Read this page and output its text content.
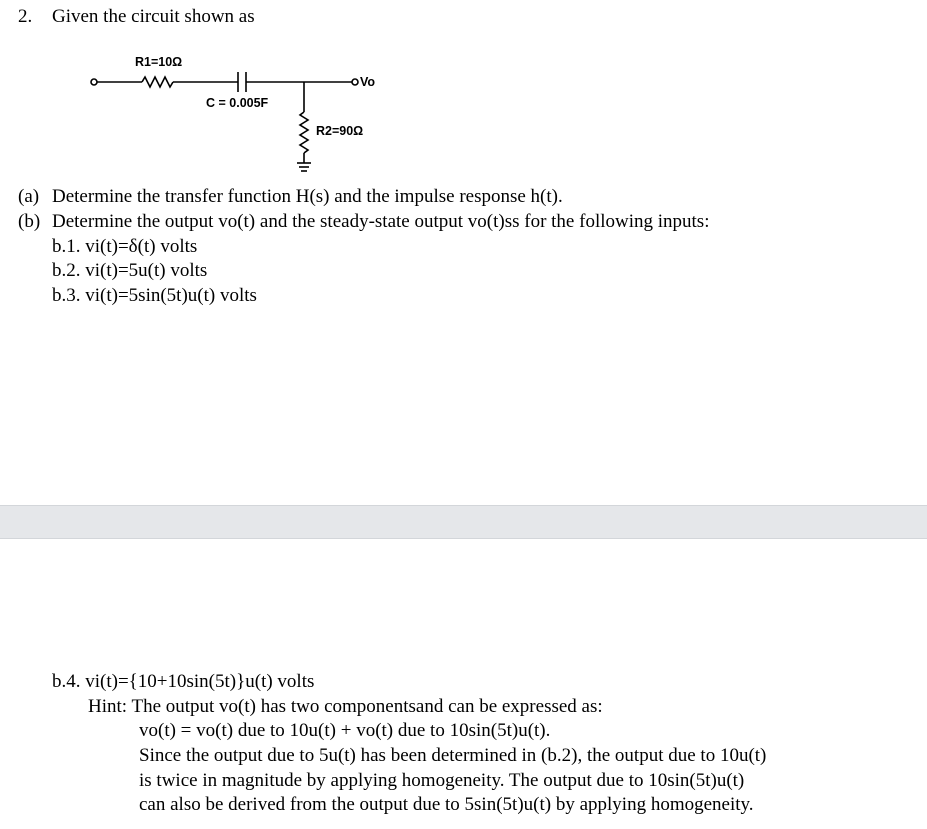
2. Given the circuit shown as
R1=10Ω
C = 0.005F
Vo
R2=90Ω
(a) Determine the transfer function H(s) and the impulse response h(t).
(b) Determine the output vo(t) and the steady-state output vo(t)ss for the following inputs:
b.1. vi(t)=δ(t) volts
b.2. vi(t)=5u(t) volts
b.3. vi(t)=5sin(5t)u(t) volts
b.4. vi(t)={10+10sin(5t)}u(t) volts
Hint: The output vo(t) has two componentsand can be expressed as:
vo(t) = vo(t) due to 10u(t) + vo(t) due to 10sin(5t)u(t).
Since the output due to 5u(t) has been determined in (b.2), the output due to 10u(t)
is twice in magnitude by applying homogeneity. The output due to 10sin(5t)u(t)
can also be derived from the output due to 5sin(5t)u(t) by applying homogeneity.
